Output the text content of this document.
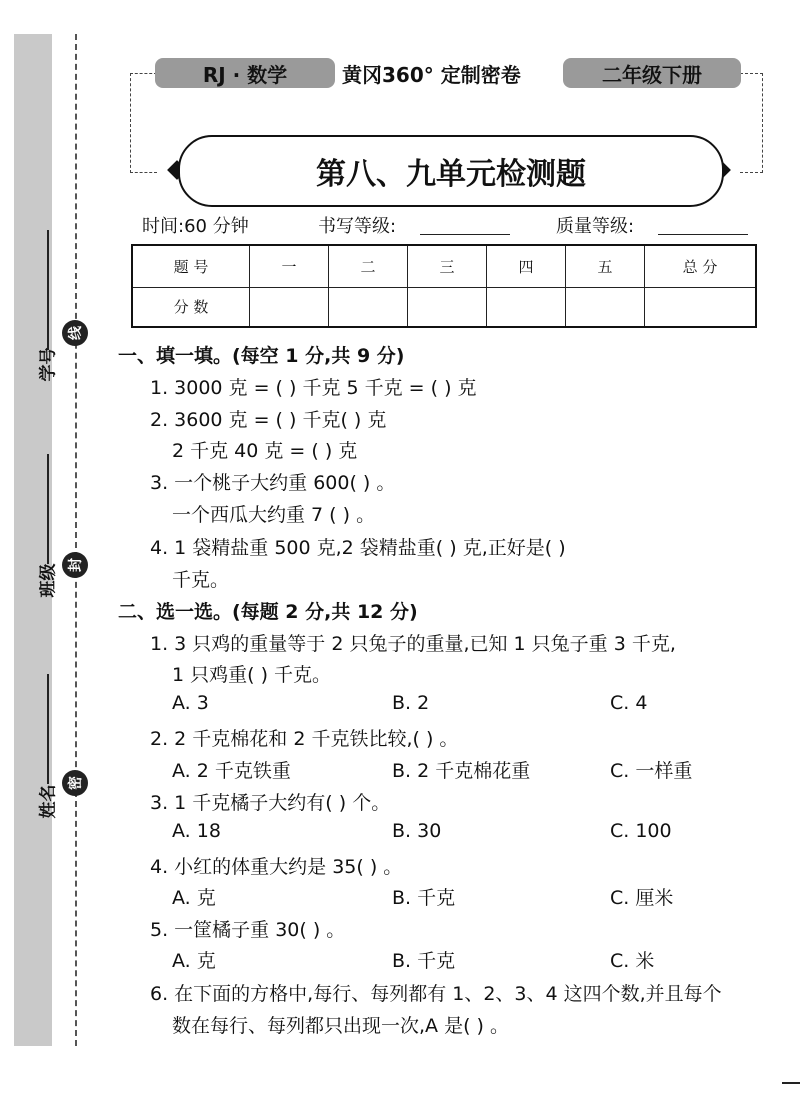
学号
班级
姓名
线
封
密
RJ · 数学	黄冈360° 定制密卷	二年级下册
第八、九单元检测题
时间:60 分钟	书写等级:	质量等级:
题 号	一	二	三	四	五	总 分
分 数						
一、填一填。(每空 1 分,共 9 分)
1. 3000 克 = ( ) 千克 5 千克 = ( ) 克
2. 3600 克 = ( ) 千克( ) 克
2 千克 40 克 = ( ) 克
3. 一个桃子大约重 600( ) 。
一个西瓜大约重 7 ( ) 。
4. 1 袋精盐重 500 克,2 袋精盐重( ) 克,正好是( )
千克。
二、选一选。(每题 2 分,共 12 分)
1. 3 只鸡的重量等于 2 只兔子的重量,已知 1 只兔子重 3 千克,
1 只鸡重( ) 千克。
A. 3	B. 2	C. 4
2. 2 千克棉花和 2 千克铁比较,( ) 。
A. 2 千克铁重	B. 2 千克棉花重	C. 一样重
3. 1 千克橘子大约有( ) 个。
A. 18	B. 30	C. 100
4. 小红的体重大约是 35( ) 。
A. 克	B. 千克	C. 厘米
5. 一筐橘子重 30( ) 。
A. 克	B. 千克	C. 米
6. 在下面的方格中,每行、每列都有 1、2、3、4 这四个数,并且每个
数在每行、每列都只出现一次,A 是( ) 。
